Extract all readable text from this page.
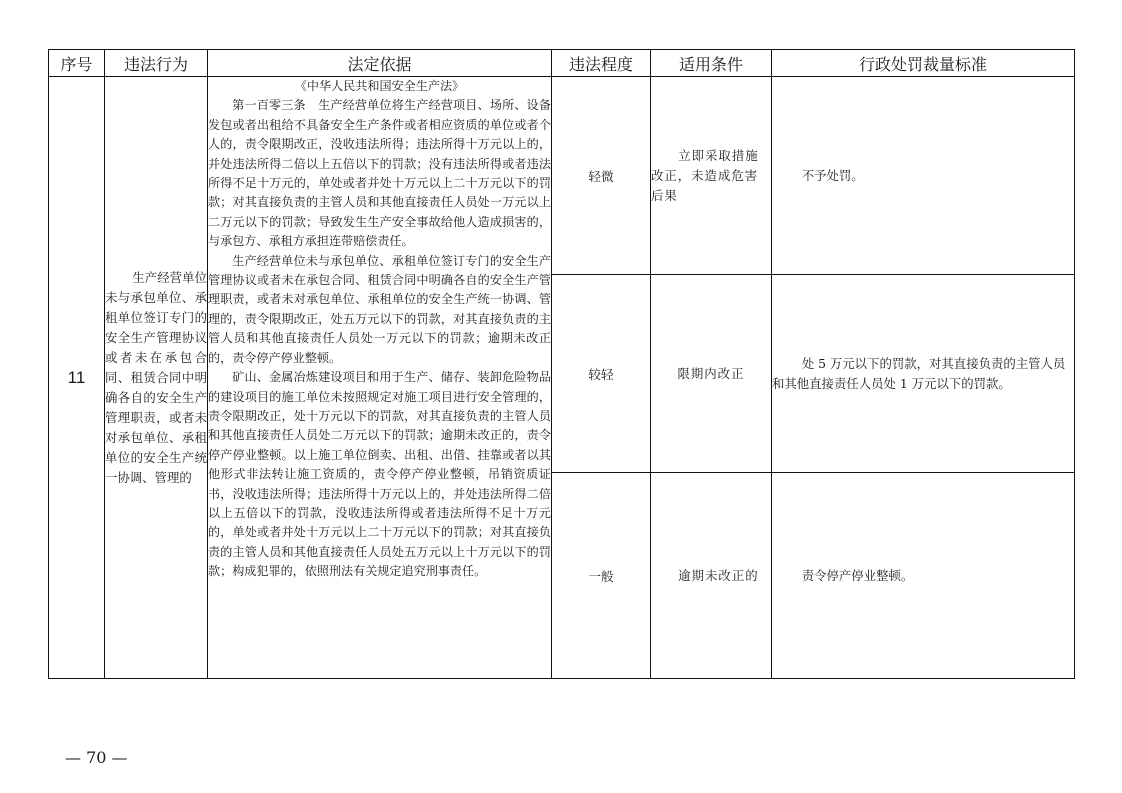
序号	违法行为	法定依据	违法程度	适用条件	行政处罚裁量标准
11	生产经营单位未与承包单位、承租单位签订专门的安全生产管理协议或者未在承包合同、租赁合同中明确各自的安全生产管理职责，或者未对承包单位、承租单位的安全生产统一协调、管理的	《中华人民共和国安全生产法》

第一百零三条　生产经营单位将生产经营项目、场所、设备发包或者出租给不具备安全生产条件或者相应资质的单位或者个人的，责令限期改正，没收违法所得；违法所得十万元以上的，并处违法所得二倍以上五倍以下的罚款；没有违法所得或者违法所得不足十万元的，单处或者并处十万元以上二十万元以下的罚款；对其直接负责的主管人员和其他直接责任人员处一万元以上二万元以下的罚款；导致发生生产安全事故给他人造成损害的，与承包方、承租方承担连带赔偿责任。

生产经营单位未与承包单位、承租单位签订专门的安全生产管理协议或者未在承包合同、租赁合同中明确各自的安全生产管理职责，或者未对承包单位、承租单位的安全生产统一协调、管理的，责令限期改正，处五万元以下的罚款，对其直接负责的主管人员和其他直接责任人员处一万元以下的罚款；逾期未改正的，责令停产停业整顿。

矿山、金属冶炼建设项目和用于生产、储存、装卸危险物品的建设项目的施工单位未按照规定对施工项目进行安全管理的，责令限期改正，处十万元以下的罚款，对其直接负责的主管人员和其他直接责任人员处二万元以下的罚款；逾期未改正的，责令停产停业整顿。以上施工单位倒卖、出租、出借、挂靠或者以其他形式非法转让施工资质的，责令停产停业整顿，吊销资质证书，没收违法所得；违法所得十万元以上的，并处违法所得二倍以上五倍以下的罚款，没收违法所得或者违法所得不足十万元的，单处或者并处十万元以上二十万元以下的罚款；对其直接负责的主管人员和其他直接责任人员处五万元以上十万元以下的罚款；构成犯罪的，依照刑法有关规定追究刑事责任。	轻微	立即采取措施改正，未造成危害后果	不予处罚。

			较轻	限期内改正	处 5 万元以下的罚款，对其直接负责的主管人员和其他直接责任人员处 1 万元以下的罚款。

			一般	逾期未改正的	责令停产停业整顿。
— 70 —
